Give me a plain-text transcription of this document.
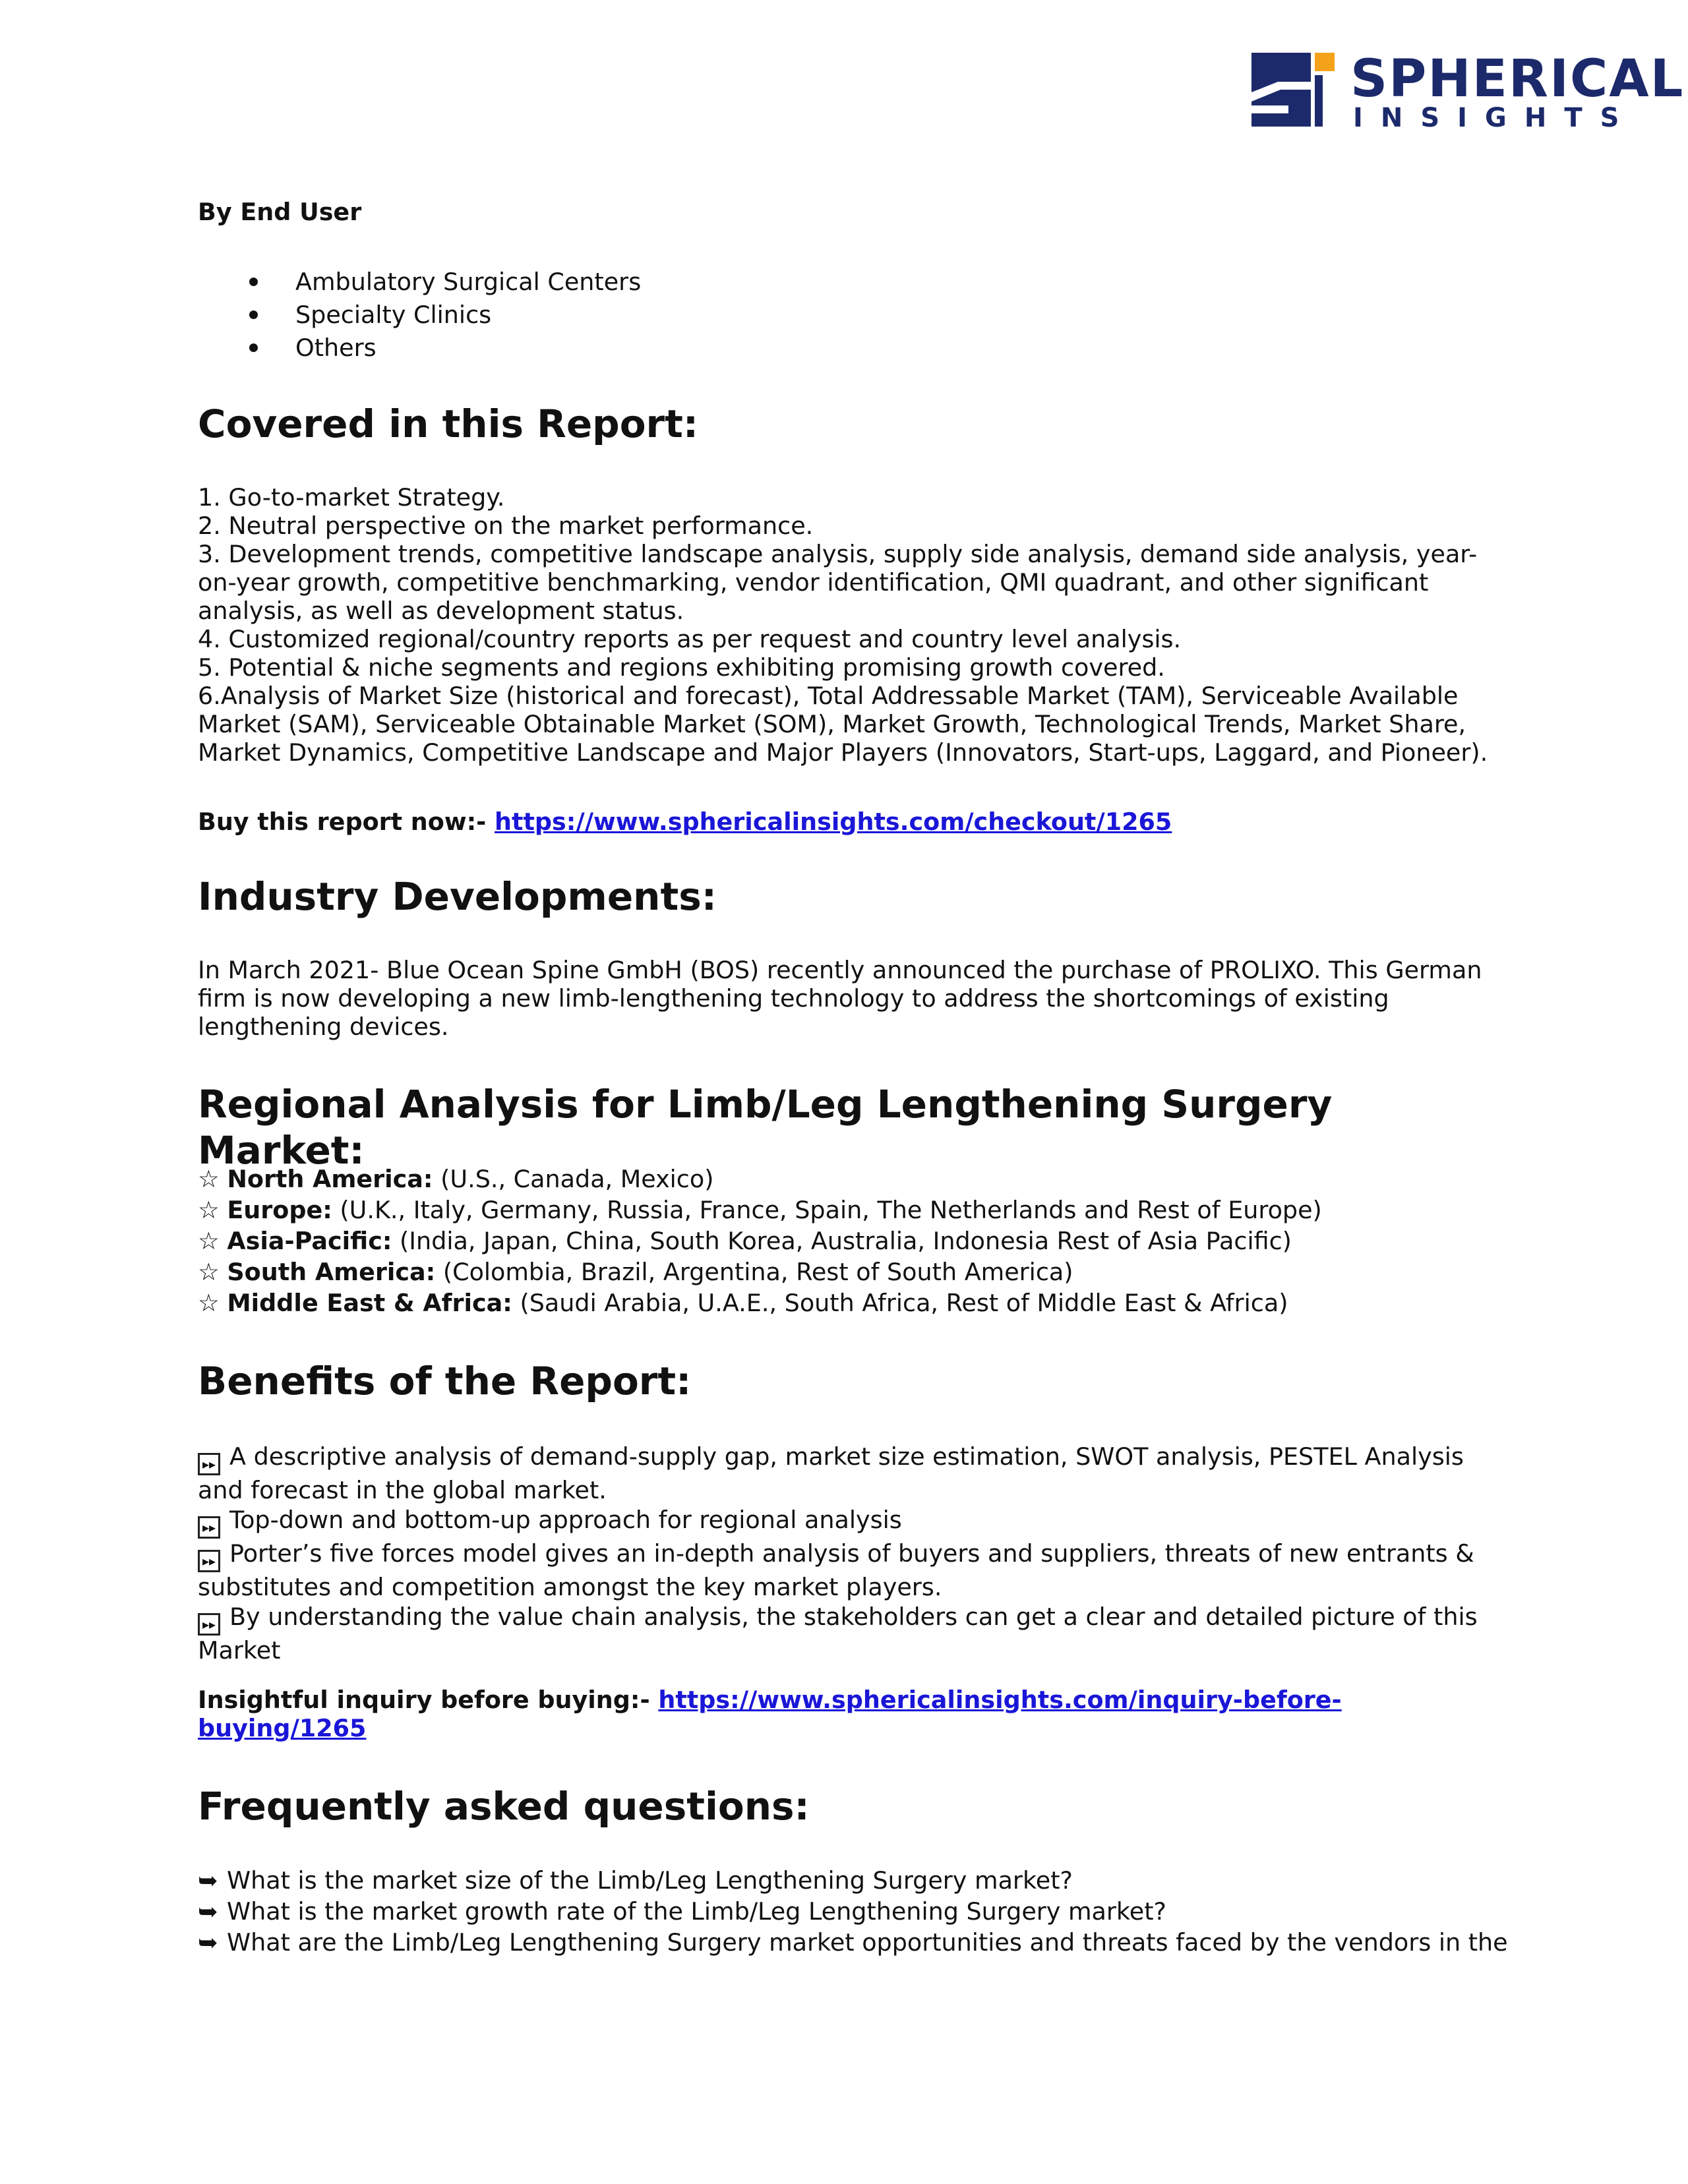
SPHERICAL
INSIGHTS
By End User
Ambulatory Surgical Centers
Specialty Clinics
Others
Covered in this Report:
1. Go-to-market Strategy.
2. Neutral perspective on the market performance.
3. Development trends, competitive landscape analysis, supply side analysis, demand side analysis, year-
on-year growth, competitive benchmarking, vendor identification, QMI quadrant, and other significant
analysis, as well as development status.
4. Customized regional/country reports as per request and country level analysis.
5. Potential & niche segments and regions exhibiting promising growth covered.
6.Analysis of Market Size (historical and forecast), Total Addressable Market (TAM), Serviceable Available
Market (SAM), Serviceable Obtainable Market (SOM), Market Growth, Technological Trends, Market Share,
Market Dynamics, Competitive Landscape and Major Players (Innovators, Start-ups, Laggard, and Pioneer).
Buy this report now:- https://www.sphericalinsights.com/checkout/1265
Industry Developments:
In March 2021- Blue Ocean Spine GmbH (BOS) recently announced the purchase of PROLIXO. This German
firm is now developing a new limb-lengthening technology to address the shortcomings of existing
lengthening devices.
Regional Analysis for Limb/Leg Lengthening Surgery Market:
☆ North America: (U.S., Canada, Mexico)
☆ Europe: (U.K., Italy, Germany, Russia, France, Spain, The Netherlands and Rest of Europe)
☆ Asia-Pacific: (India, Japan, China, South Korea, Australia, Indonesia Rest of Asia Pacific)
☆ South America: (Colombia, Brazil, Argentina, Rest of South America)
☆ Middle East & Africa: (Saudi Arabia, U.A.E., South Africa, Rest of Middle East & Africa)
Benefits of the Report:
▸▸ A descriptive analysis of demand-supply gap, market size estimation, SWOT analysis, PESTEL Analysis
and forecast in the global market.
▸▸ Top-down and bottom-up approach for regional analysis
▸▸ Porter’s five forces model gives an in-depth analysis of buyers and suppliers, threats of new entrants &
substitutes and competition amongst the key market players.
▸▸ By understanding the value chain analysis, the stakeholders can get a clear and detailed picture of this
Market
Insightful inquiry before buying:- https://www.sphericalinsights.com/inquiry-before-
buying/1265
Frequently asked questions:
➥ What is the market size of the Limb/Leg Lengthening Surgery market?
➥ What is the market growth rate of the Limb/Leg Lengthening Surgery market?
➥ What are the Limb/Leg Lengthening Surgery market opportunities and threats faced by the vendors in the
